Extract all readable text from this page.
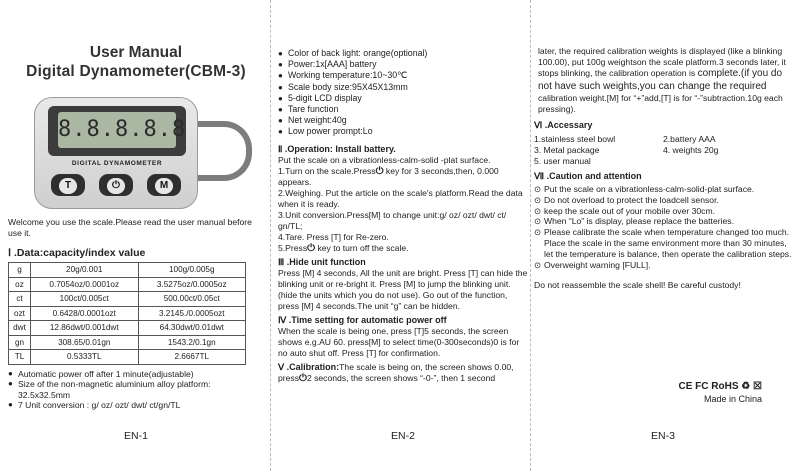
User Manual
Digital Dynamometer(CBM-3)
8.8.8.8.8
DIGITAL DYNAMOMETER
T	⏻	M
Welcome you use the scale.Please read the user manual before use it.
Ⅰ .Data:capacity/index value
g	20g/0.001	100g/0.005g
oz	0.7054oz/0.0001oz	3.5275oz/0.0005oz
ct	100ct/0.005ct	500.00ct/0.05ct
ozt	0.6428/0.0001ozt	3.2145./0.0005ozt
dwt	12.86dwt/0.001dwt	64.30dwt/0.01dwt
gn	308.65/0.01gn	1543.2/0.1gn
TL	0.5333TL	2.6667TL
● Automatic power off after 1 minute(adjustable)
● Size of the non-magnetic aluminium alloy platform: 32.5x32.5mm
● 7 Unit conversion : g/ oz/ ozt/ dwt/ ct/gn/TL
EN-1
● Color of back light: orange(optional)
● Power:1x[AAA] battery
● Working temperature:10~30℃
● Scale body size:95X45X13mm
● 5-digit LCD display
● Tare function
● Net weight:40g
● Low power prompt:Lo
Ⅱ .Operation: Install battery.
Put the scale on a vibrationless-calm-solid -plat surface.
1.Turn on the scale.Press⏻ key for 3 seconds,then, 0.000 appears.
2.Weighing. Put the article on the scale's platform.Read the data when it is ready.
3.Unit conversion.Press[M] to change unit:g/ oz/ ozt/ dwt/ ct/ gn/TL;
4.Tare. Press [T] for Re-zero.
5.Press⏻ key to turn off the scale.
Ⅲ .Hide unit function
Press [M] 4 seconds, All the unit are bright. Press [T] can hide the blinking unit or re-bright it. Press [M] to jump the blinking unit.(hide the units which you do not use). Go out of the function, press [M] 4 seconds.The unit “g” can be hidden.
Ⅳ .Time setting for automatic power off
When the scale is being one, press [T]5 seconds, the screen shows e.g.AU 60. press[M] to select time(0-300seconds)0 is for no auto shut off. Press [T] for confirmation.
Ⅴ .Calibration:The scale is being on, the screen shows 0.00, press⏻2 seconds, the screen shows “-0-”, then 1 second
EN-2
later, the required calibration weights is displayed (like a blinking 100.00), put 100g weightson the scale platform.3 seconds later, it stops blinking, the calibration operation is complete.(if you do not have such weights,you can change the required calibration weight.[M] for “+”add,[T] is for “-”subtraction.10g each pressing).
Ⅵ .Accessary
1.stainless steel bowl	2.battery AAA
3. Metal package	4. weights 20g
5. user manual
Ⅶ .Caution and attention
⊙ Put the scale on a vibrationless-calm-solid-plat surface.
⊙ Do not overload to protect the loadcell sensor.
⊙ keep the scale out of your mobile over 30cm.
⊙ When “Lo” is display, please replace the batteries.
⊙ Please calibrate the scale when temperature changed too much. Place the scale in the same environment more than 30 minutes, let the temperature is balance, then operate the calibration steps.
⊙ Overweight warning [FULL].
Do not reassemble the scale shell! Be careful custody!
CE FC RoHS ♻ ☒
Made in China
EN-3
